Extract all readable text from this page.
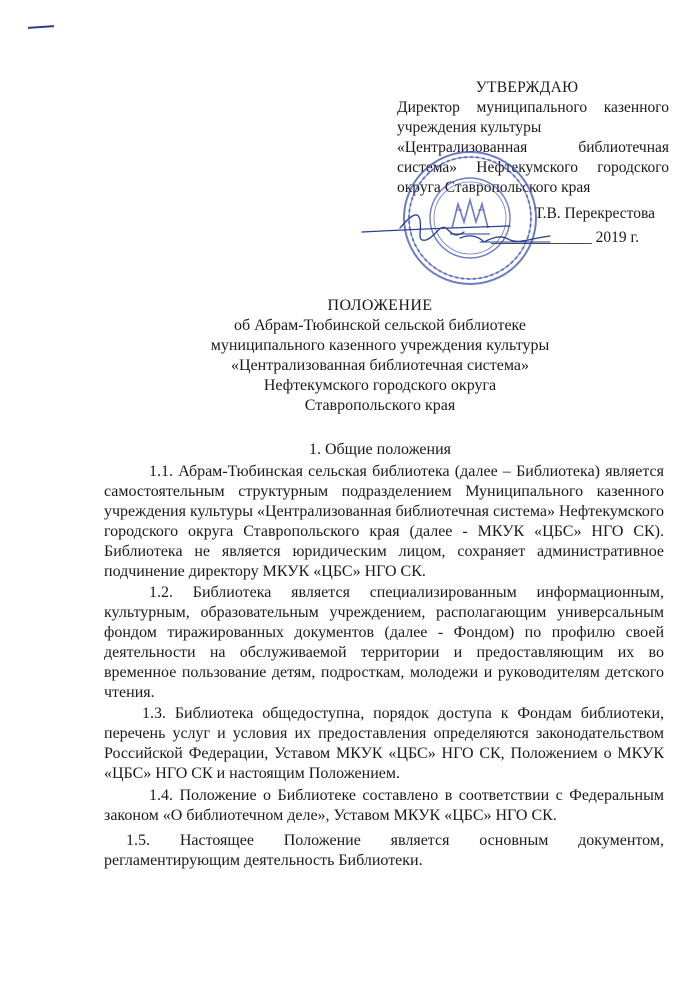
УТВЕРЖДАЮ
Директор муниципального казенного
учреждения культуры
«Централизованная библиотечная
система» Нефтекумского городского
округа Ставропольского края
Т.В. Перекрестова
_____________ 2019 г.
ПОЛОЖЕНИЕ
об Абрам-Тюбинской сельской библиотеке
муниципального казенного учреждения культуры
«Централизованная библиотечная система»
Нефтекумского городского округа
Ставропольского края
1. Общие положения

1.1. Абрам-Тюбинская сельская библиотека (далее – Библиотека) является самостоятельным структурным подразделением Муниципального казенного учреждения культуры «Централизованная библиотечная система» Нефтекумского городского округа Ставропольского края (далее - МКУК «ЦБС» НГО СК). Библиотека не является юридическим лицом, сохраняет административное подчинение директору МКУК «ЦБС» НГО СК.

1.2. Библиотека является специализированным информационным, культурным, образовательным учреждением, располагающим универсальным фондом тиражированных документов (далее - Фондом) по профилю своей деятельности на обслуживаемой территории и предоставляющим их во временное пользование детям, подросткам, молодежи и руководителям детского чтения.

1.3. Библиотека общедоступна, порядок доступа к Фондам библиотеки, перечень услуг и условия их предоставления определяются законодательством Российской Федерации, Уставом МКУК «ЦБС» НГО СК, Положением о МКУК «ЦБС» НГО СК и настоящим Положением.

1.4. Положение о Библиотеке составлено в соответствии с Федеральным законом «О библиотечном деле», Уставом МКУК «ЦБС» НГО СК.

1.5. Настоящее Положение является основным документом, регламентирующим деятельность Библиотеки.
